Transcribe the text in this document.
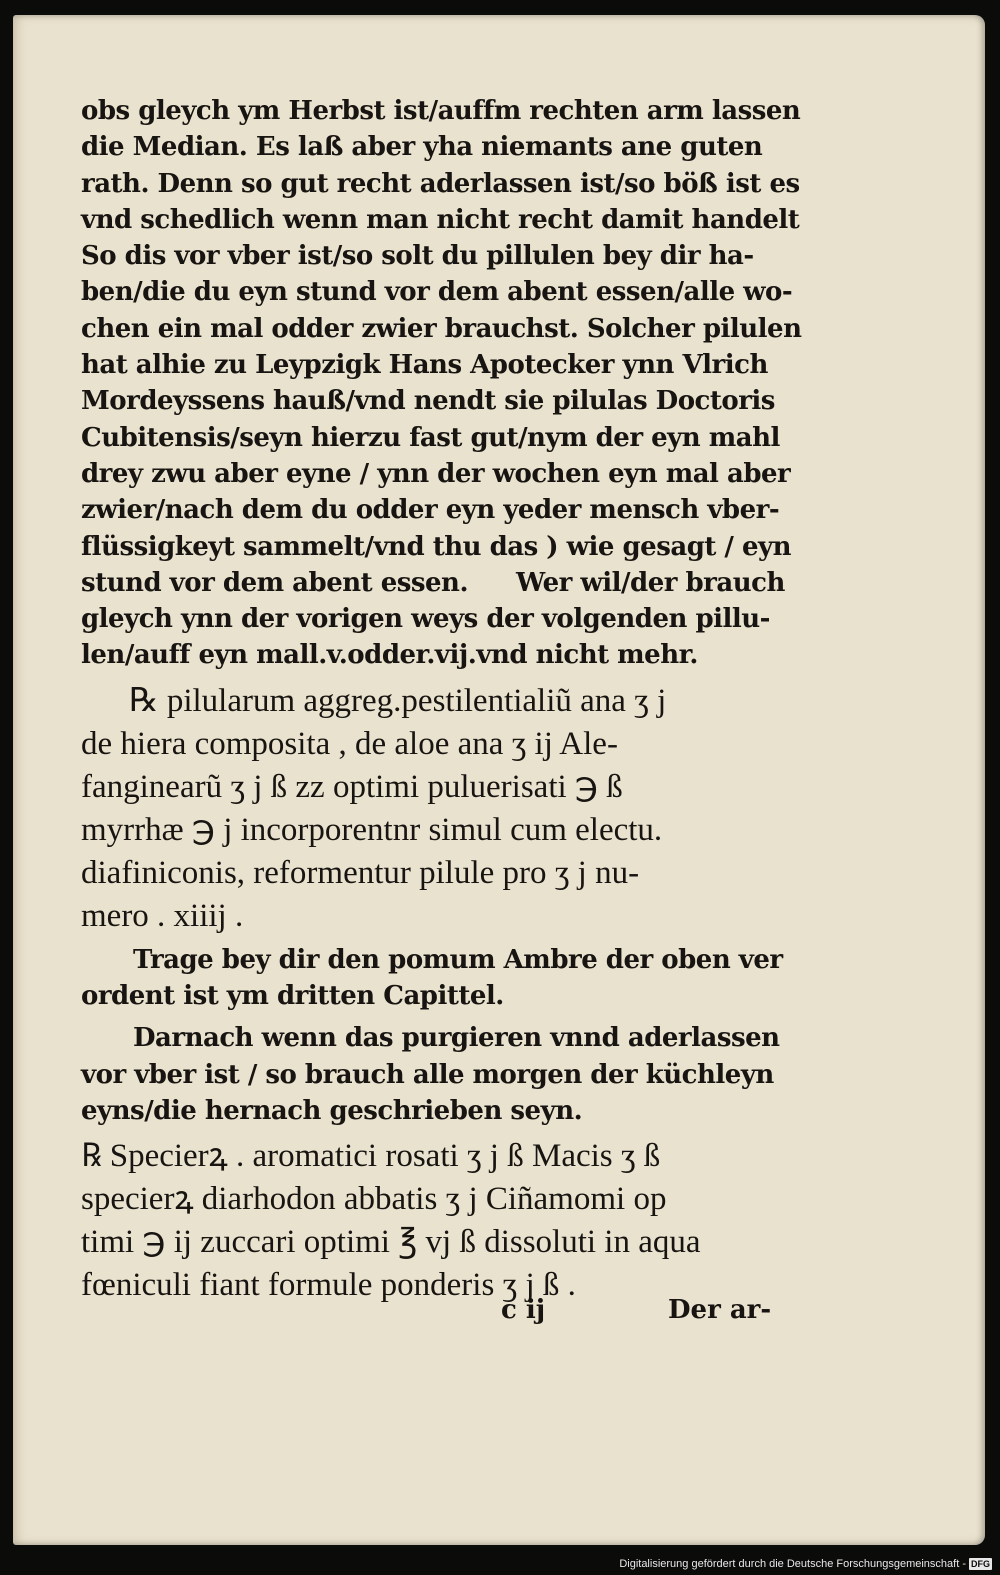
obs gleych ym Herbst ist/auffm rechten arm lassen
die Median. Es laß aber yha niemants ane guten
rath. Denn so gut recht aderlassen ist/so böß ist es
vnd schedlich wenn man nicht recht damit handelt
So dis vor vber ist/so solt du pillulen bey dir ha-
ben/die du eyn stund vor dem abent essen/alle wo-
chen ein mal odder zwier brauchst. Solcher pilulen
hat alhie zu Leypzigk Hans Apotecker ynn Vlrich
Mordeyssens hauß/vnd nendt sie pilulas Doctoris
Cubitensis/seyn hierzu fast gut/nym der eyn mahl
drey zwu aber eyne / ynn der wochen eyn mal aber
zwier/nach dem du odder eyn yeder mensch vber-
flüssigkeyt sammelt/vnd thu das ) wie gesagt / eyn
stund vor dem abent essen. Wer wil/der brauch
gleych ynn der vorigen weys der volgenden pillu-
len/auff eyn mall.v.odder.vij.vnd nicht mehr.
℞ pilularum aggreg.pestilentialiũ ana ʒ j
de hiera composita , de aloe ana ʒ ij Ale-
fanginearũ ʒ j ß zz optimi puluerisati ℈ ß
myrrhæ ℈ j incorporentnr simul cum electu.
diafiniconis, reformentur pilule pro ʒ j nu-
mero . xiiij .
Trage bey dir den pomum Ambre der oben ver
ordent ist ym dritten Capittel.
Darnach wenn das purgieren vnnd aderlassen
vor vber ist / so brauch alle morgen der küchleyn
eyns/die hernach geschrieben seyn.
℞ Specierꝝ . aromatici rosati ʒ j ß Macis ʒ ß
specierꝝ diarhodon abbatis ʒ j Ciñamomi op
timi ℈ ij zuccari optimi ℥ vj ß dissoluti in aqua
fœniculi fiant formule ponderis ʒ j ß .
c ij	Der ar-
Digitalisierung gefördert durch die Deutsche Forschungsgemeinschaft - DFG
